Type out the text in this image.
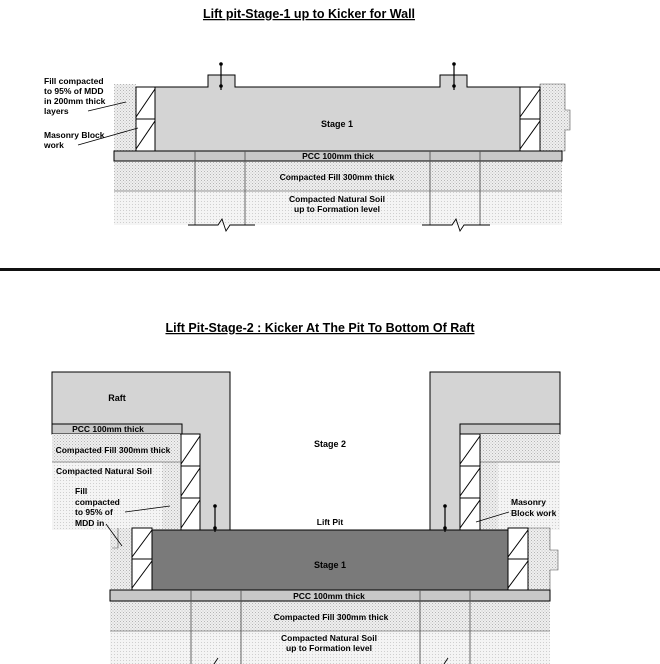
Lift pit-Stage-1 up to Kicker for Wall
Stage 1
PCC 100mm thick
Compacted Fill 300mm thick
Compacted Natural Soil
up to Formation level
Fill compacted
to 95% of MDD
in 200mm thick
layers
Masonry Block
work
Lift Pit-Stage-2 : Kicker At The Pit To Bottom Of Raft
Raft
PCC 100mm thick
Compacted Fill 300mm thick
Compacted Natural Soil
Fill
compacted
to 95% of
MDD in
Masonry
Block work
Stage 2
Lift Pit
Stage 1
PCC 100mm thick
Compacted Fill 300mm thick
Compacted Natural Soil
up to Formation level
